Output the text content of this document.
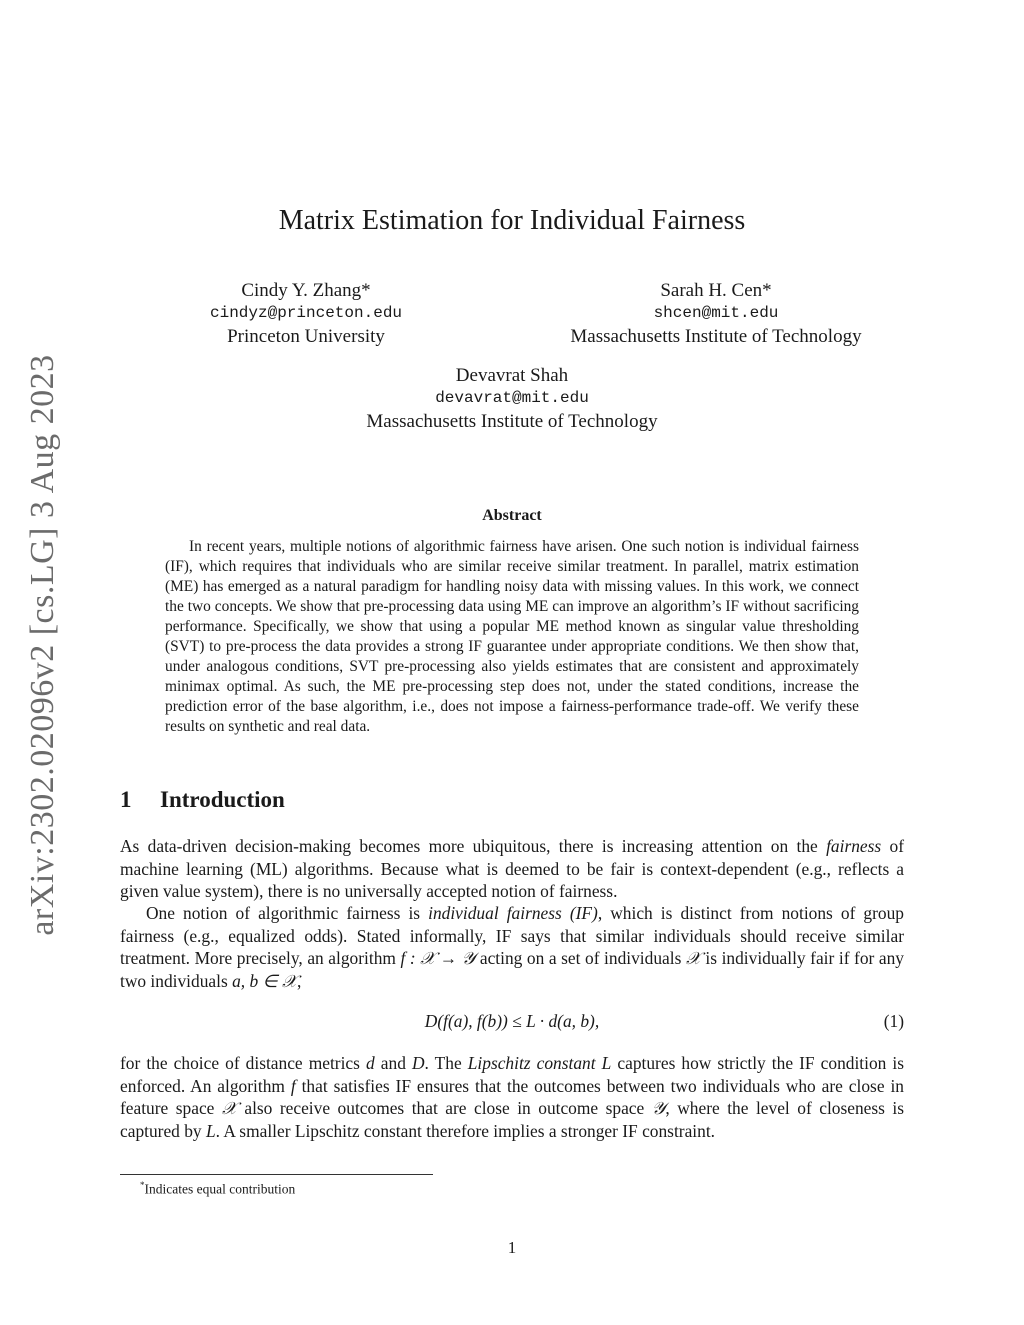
arXiv:2302.02096v2 [cs.LG] 3 Aug 2023
Matrix Estimation for Individual Fairness
Cindy Y. Zhang*
cindyz@princeton.edu
Princeton University
Sarah H. Cen*
shcen@mit.edu
Massachusetts Institute of Technology
Devavrat Shah
devavrat@mit.edu
Massachusetts Institute of Technology
Abstract
In recent years, multiple notions of algorithmic fairness have arisen. One such notion is individual fairness (IF), which requires that individuals who are similar receive similar treatment. In parallel, matrix estimation (ME) has emerged as a natural paradigm for handling noisy data with missing values. In this work, we connect the two concepts. We show that pre-processing data using ME can improve an algorithm’s IF without sacrificing performance. Specifically, we show that using a popular ME method known as singular value thresholding (SVT) to pre-process the data provides a strong IF guarantee under appropriate conditions. We then show that, under analogous conditions, SVT pre-processing also yields estimates that are consistent and approximately minimax optimal. As such, the ME pre-processing step does not, under the stated conditions, increase the prediction error of the base algorithm, i.e., does not impose a fairness-performance trade-off. We verify these results on synthetic and real data.
1 Introduction
As data-driven decision-making becomes more ubiquitous, there is increasing attention on the fairness of machine learning (ML) algorithms. Because what is deemed to be fair is context-dependent (e.g., reflects a given value system), there is no universally accepted notion of fairness.
One notion of algorithmic fairness is individual fairness (IF), which is distinct from notions of group fairness (e.g., equalized odds). Stated informally, IF says that similar individuals should receive similar treatment. More precisely, an algorithm f : 𝒳 → 𝒴 acting on a set of individuals 𝒳 is individually fair if for any two individuals a, b ∈ 𝒳,
D(f(a), f(b)) ≤ L · d(a, b),	(1)
for the choice of distance metrics d and D. The Lipschitz constant L captures how strictly the IF condition is enforced. An algorithm f that satisfies IF ensures that the outcomes between two individuals who are close in feature space 𝒳 also receive outcomes that are close in outcome space 𝒴, where the level of closeness is captured by L. A smaller Lipschitz constant therefore implies a stronger IF constraint.
*Indicates equal contribution
1
